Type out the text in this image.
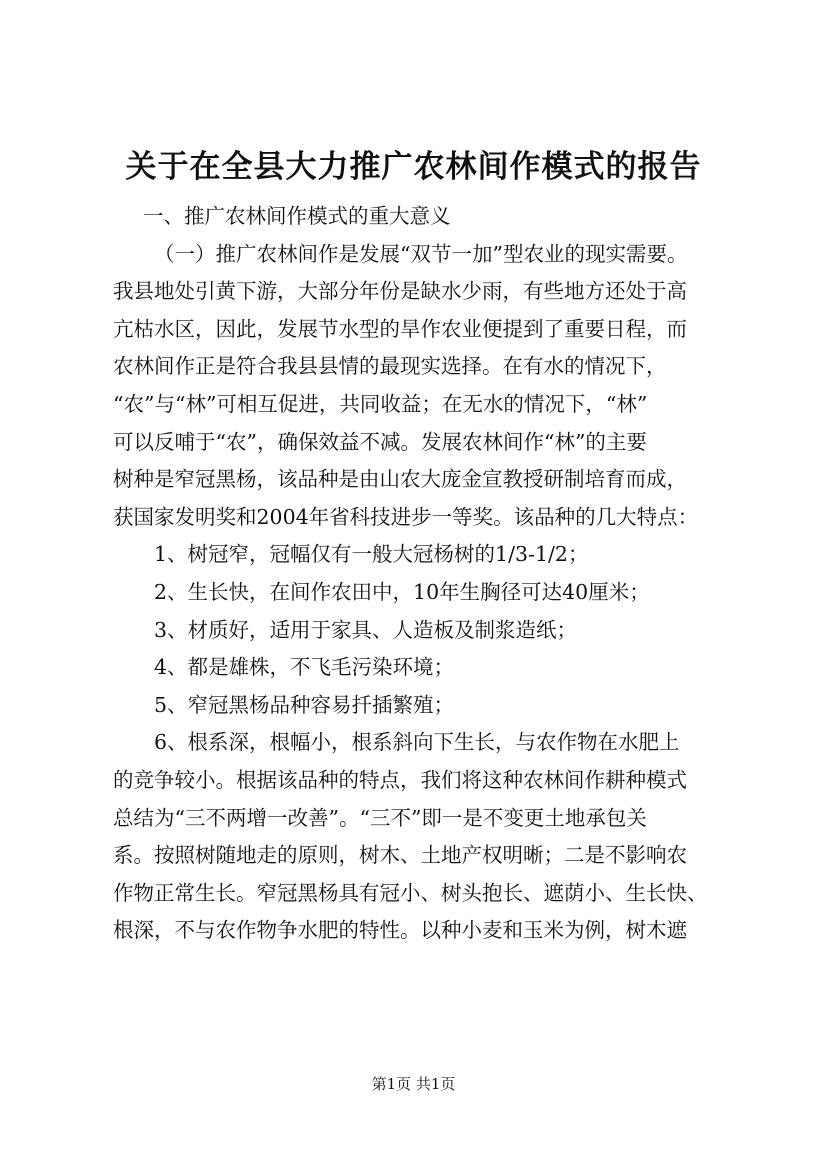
关于在全县大力推广农林间作模式的报告
一、推广农林间作模式的重大意义
（一）推广农林间作是发展“双节一加”型农业的现实需要。
我县地处引黄下游，大部分年份是缺水少雨，有些地方还处于高
亢枯水区，因此，发展节水型的旱作农业便提到了重要日程，而
农林间作正是符合我县县情的最现实选择。在有水的情况下，
“农”与“林”可相互促进，共同收益；在无水的情况下，“林”
可以反哺于“农”，确保效益不减。发展农林间作“林”的主要
树种是窄冠黑杨，该品种是由山农大庞金宣教授研制培育而成，
获国家发明奖和2004年省科技进步一等奖。该品种的几大特点：
1、树冠窄，冠幅仅有一般大冠杨树的1/3-1/2；
2、生长快，在间作农田中，10年生胸径可达40厘米；
3、材质好，适用于家具、人造板及制浆造纸；
4、都是雄株，不飞毛污染环境；
5、窄冠黑杨品种容易扦插繁殖；
6、根系深，根幅小，根系斜向下生长，与农作物在水肥上
的竞争较小。根据该品种的特点，我们将这种农林间作耕种模式
总结为“三不两增一改善”。“三不”即一是不变更土地承包关
系。按照树随地走的原则，树木、土地产权明晰；二是不影响农
作物正常生长。窄冠黑杨具有冠小、树头抱长、遮荫小、生长快、
根深，不与农作物争水肥的特性。以种小麦和玉米为例，树木遮
第1页 共1页
